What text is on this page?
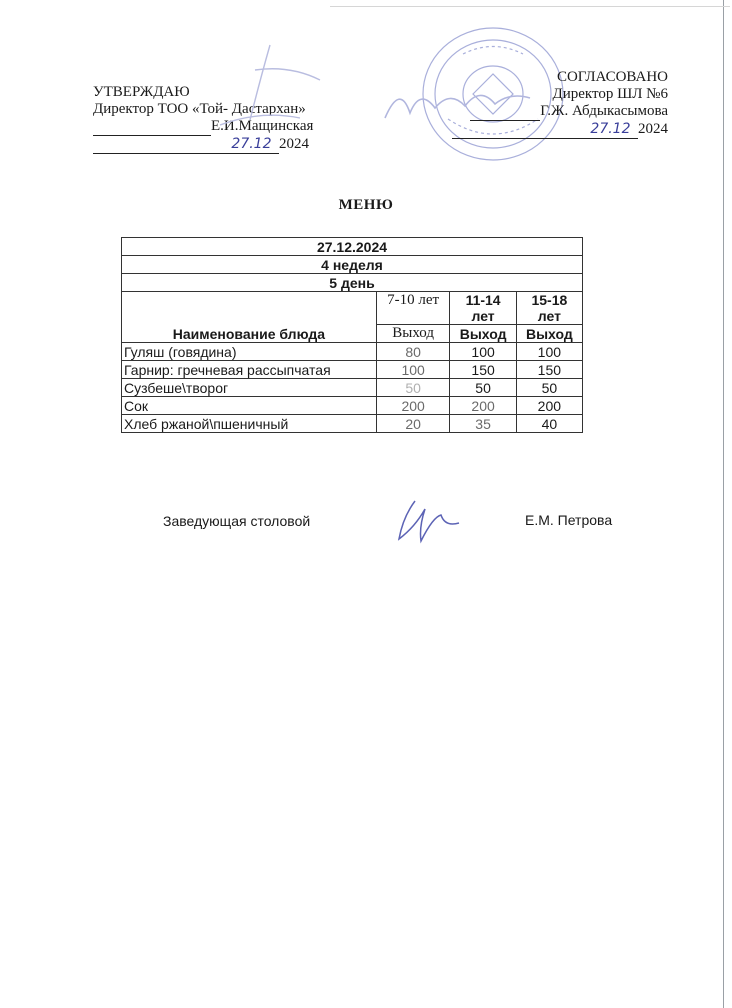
УТВЕРЖДАЮ
Директор ТОО «Той- Дастархан»
Е.И.Мащинская
27.12 2024
СОГЛАСОВАНО
Директор ШЛ №6
Г.Ж. Абдыкасымова
27.12 2024
МЕНЮ
27.12.2024			
4 неделя			
5 день			
Наименование блюда	7-10 лет	11-14 лет	15-18 лет
	Выход	Выход	Выход
Гуляш (говядина)	80	100	100
Гарнир: гречневая рассыпчатая	100	150	150
Сузбеше\творог	50	50	50
Сок	200	200	200
Хлеб ржаной\пшеничный	20	35	40
Заведующая столовой	Е.М. Петрова
